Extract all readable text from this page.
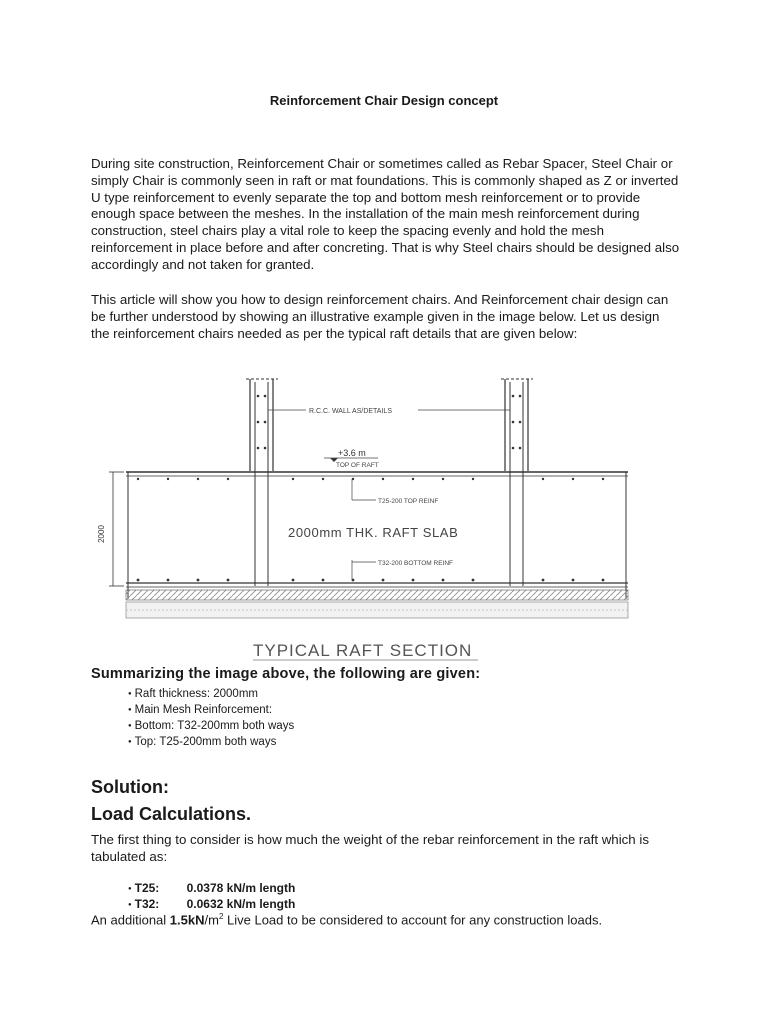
Reinforcement Chair Design concept

During site construction, Reinforcement Chair or sometimes called as Rebar Spacer, Steel Chair or simply Chair is commonly seen in raft or mat foundations. This is commonly shaped as Z or inverted U type reinforcement to evenly separate the top and bottom mesh reinforcement or to provide enough space between the meshes. In the installation of the main mesh reinforcement during construction, steel chairs play a vital role to keep the spacing evenly and hold the mesh reinforcement in place before and after concreting. That is why Steel chairs should be designed also accordingly and not taken for granted.

This article will show you how to design reinforcement chairs. And Reinforcement chair design can be further understood by showing an illustrative example given in the image below. Let us design the reinforcement chairs needed as per the typical raft details that are given below:

2000
R.C.C. WALL AS/DETAILS
+3.6 m
TOP OF RAFT
T25-200 TOP REINF
2000mm THK. RAFT SLAB
T32-200 BOTTOM REINF
TYPICAL RAFT SECTION
Summarizing the image above, the following are given:
● Raft thickness: 2000mm
● Main Mesh Reinforcement:
● Bottom: T32-200mm both ways
● Top: T25-200mm both ways
Solution:
Load Calculations.

The first thing to consider is how much the weight of the rebar reinforcement in the raft which is tabulated as:

● T25: 0.0378 kN/m length
● T32: 0.0632 kN/m length
An additional $1.5kN/m^2$ Live Load to be considered to account for any construction loads.
